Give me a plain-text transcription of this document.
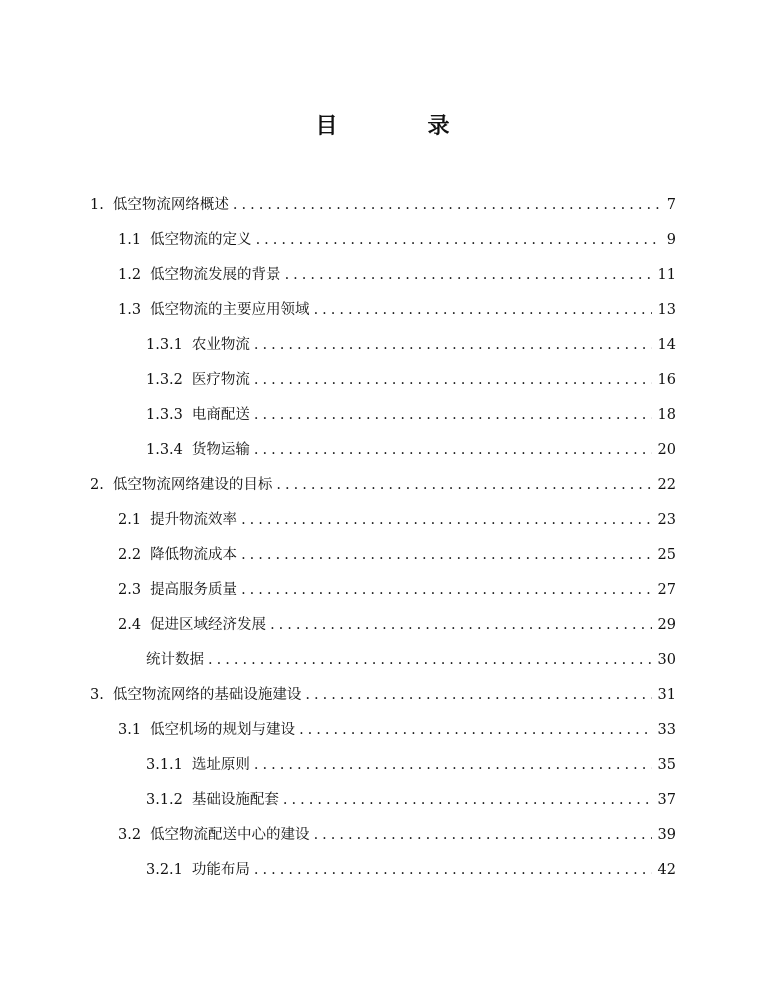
目　录
1. 低空物流网络概述 . . .	7
1.1 低空物流的定义 . . .	9
1.2 低空物流发展的背景 . . .	11
1.3 低空物流的主要应用领域 . . .	13
1.3.1 农业物流 . . .	14
1.3.2 医疗物流 . . .	16
1.3.3 电商配送 . . .	18
1.3.4 货物运输 . . .	20
2. 低空物流网络建设的目标 . . .	22
2.1 提升物流效率 . . .	23
2.2 降低物流成本 . . .	25
2.3 提高服务质量 . . .	27
2.4 促进区域经济发展 . . .	29
统计数据 . . .	30
3. 低空物流网络的基础设施建设 . . .	31
3.1 低空机场的规划与建设 . . .	33
3.1.1 选址原则 . . .	35
3.1.2 基础设施配套 . . .	37
3.2 低空物流配送中心的建设 . . .	39
3.2.1 功能布局 . . .	42
